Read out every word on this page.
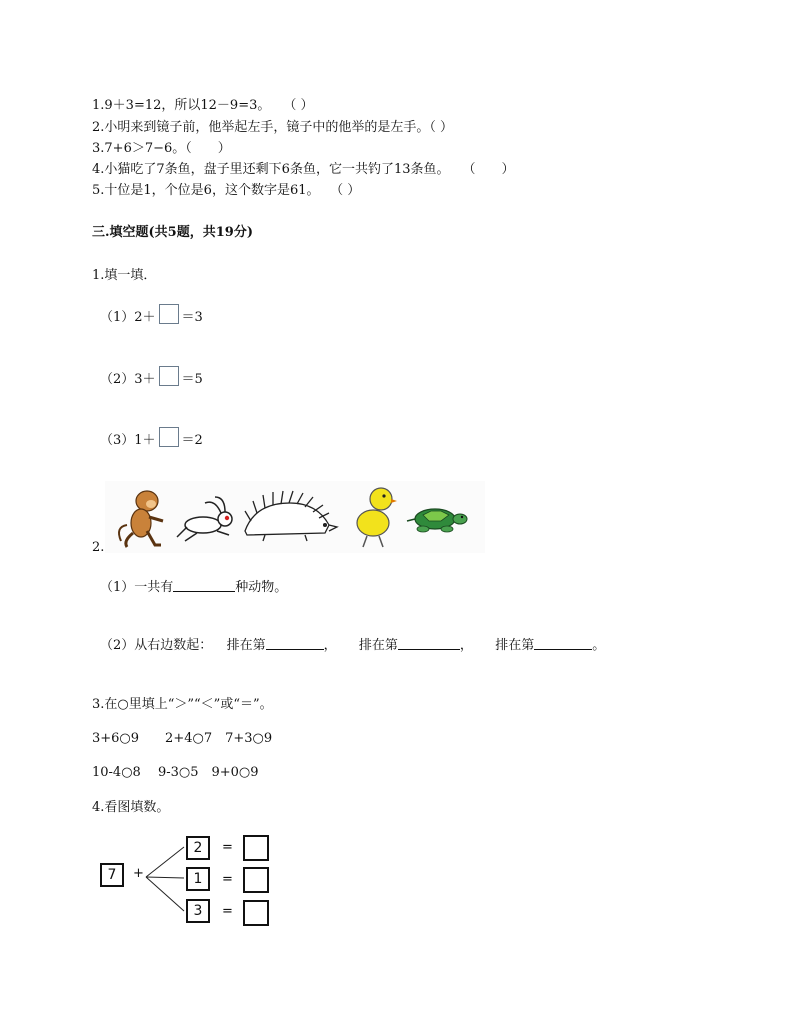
1.9＋3=12，所以12－9=3。　　（ ）
2.小明来到镜子前，他举起左手，镜子中的他举的是左手。（ ）
3.7+6＞7−6。（　　）
4.小猫吃了7条鱼，盘子里还剩下6条鱼，它一共钓了13条鱼。　　（　　）
5.十位是1，个位是6，这个数字是61。　 （ ）
三.填空题(共5题，共19分)
1.填一填．
（1）2＋ ＝3
（2）3＋ ＝5
（3）1＋ ＝2
2.
（1）一共有	种动物。
（2）从右边数起： 排在第	， 排在第	， 排在第	。
3.在○里填上“＞”“＜”或“＝”。
3+6○9　　2+4○7　7+3○9
10-4○8　 9-3○5　9+0○9
4.看图填数。
7	+
2	=
1	=
3	=
